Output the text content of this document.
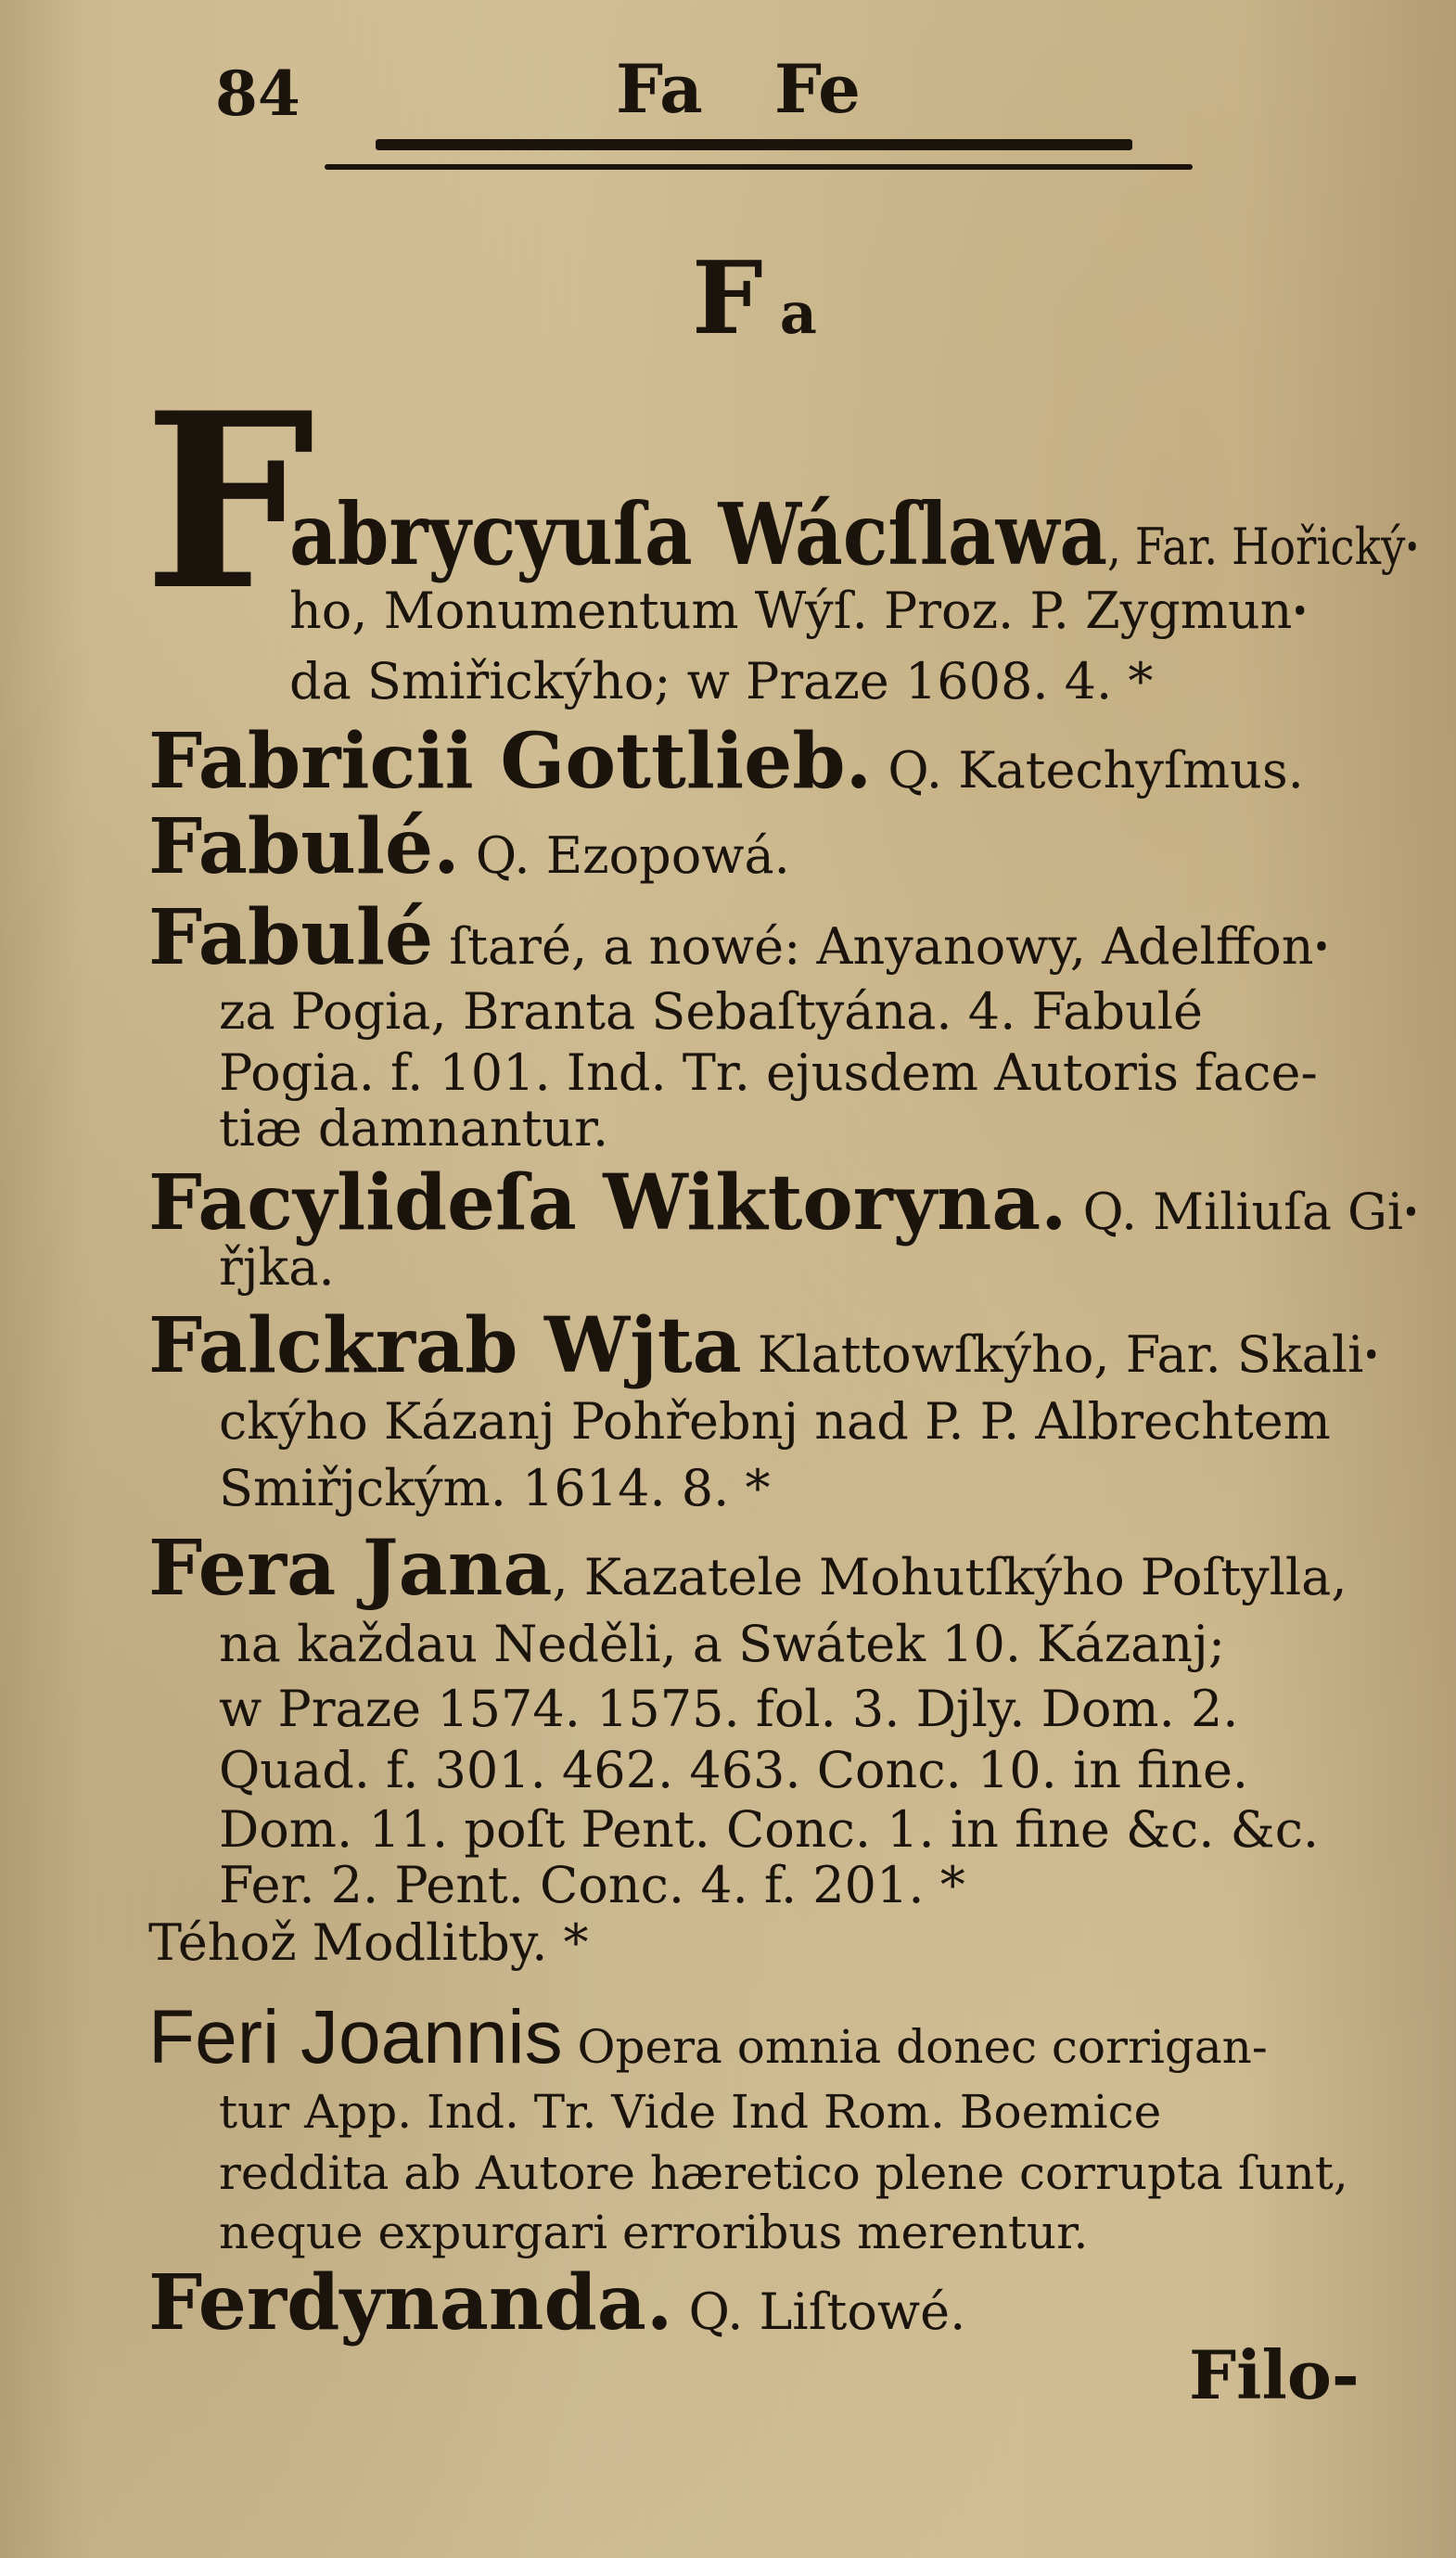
84	Fa Fe
Fa
F
abrycyuſa Wácſlawa, Far. Hořickýꞏ
ho, Monumentum Wýſ. Proz. P. Zygmunꞏ
da Smiřickýho; w Praze 1608. 4. *
Fabricii Gottlieb. Q. Katechyſmus.
Fabulé. Q. Ezopowá.
Fabulé ſtaré, a nowé: Anyanowy, Adelffonꞏ
za Pogia, Branta Sebaſtyána. 4. Fabulé
Pogia. f. 101. Ind. Tr. ejusdem Autoris face-
tiæ damnantur.
Facylideſa Wiktoryna. Q. Miliuſa Giꞏ
řjka.
Falckrab Wjta Klattowſkýho, Far. Skaliꞏ
ckýho Kázanj Pohřebnj nad P. P. Albrechtem
Smiřjckým. 1614. 8. *
Fera Jana, Kazatele Mohutſkýho Poſtylla,
na každau Neděli, a Swátek 10. Kázanj;
w Praze 1574. 1575. fol. 3. Djly. Dom. 2.
Quad. f. 301. 462. 463. Conc. 10. in fine.
Dom. 11. poſt Pent. Conc. 1. in fine &c. &c.
Fer. 2. Pent. Conc. 4. f. 201. *
Téhož Modlitby. *
Feri Joannis Opera omnia donec corrigan-
tur App. Ind. Tr. Vide Ind Rom. Boemice
reddita ab Autore hæretico plene corrupta ſunt,
neque expurgari erroribus merentur.
Ferdynanda. Q. Liſtowé.
Filo-
